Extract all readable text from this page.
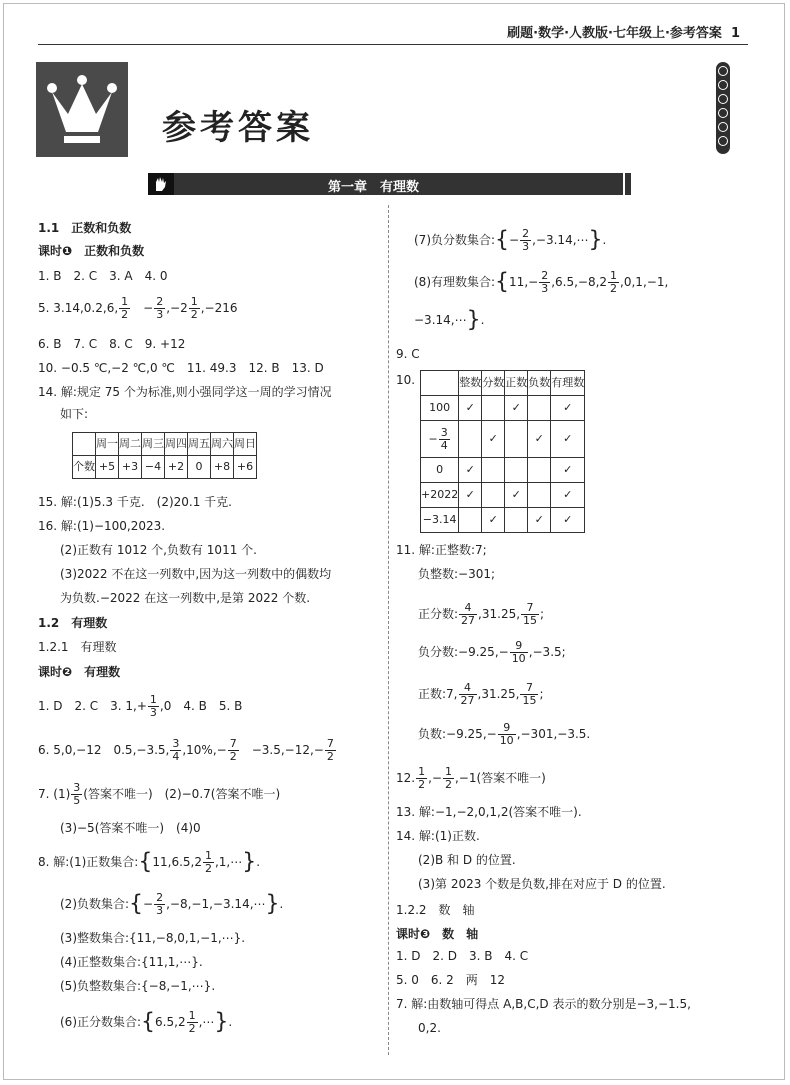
刷题·数学·人教版·七年级上·参考答案 1
参考答案
第一章　有理数
1.1　正数和负数
课时❶　正数和负数
1. B　2. C　3. A　4. 0
5. 3.14,0.2,6, $\frac{1}{2}$ 　− $\frac{2}{3} ,-2 \frac{1}{2} ,-216$
6. B　7. C　8. C　9. +12
10. −0.5 ℃,−2 ℃,0 ℃　11. 49.3　12. B　13. D
14. 解:规定 75 个为标准,则小强同学这一周的学习情况
如下:
	周一	周二	周三	周四	周五	周六	周日
个数	+5	+3	−4	+2	0	+8	+6
15. 解:(1)5.3 千克.　(2)20.1 千克.
16. 解:(1)−100,2023.
(2)正数有 1012 个,负数有 1011 个.
(3)2022 不在这一列数中,因为这一列数中的偶数均
为负数.−2022 在这一列数中,是第 2022 个数.
1.2　有理数
1.2.1　有理数
课时❷　有理数
1. D　2. C　3. $1,+ \frac{1}{3} ,0$　4. B　5. B
6. 5,0,−12　0.5,−3.5, $\frac{3}{4} ,10\%,- \frac{7}{2}$ 　$-3.5,-12,- \frac{7}{2}$
7. $(1) \frac{3}{5}$ (答案不唯一)　(2)−0.7(答案不唯一)
(3)−5(答案不唯一)　(4)0
8. 解:(1)正数集合:{11,6.5,2 $\frac{1}{2}$ ,1,⋯}.
(2)负数集合:{− $\frac{2}{3}$ ,−8,−1,−3.14,⋯}.
(3)整数集合:{11,−8,0,1,−1,⋯}.
(4)正整数集合:{11,1,⋯}.
(5)负整数集合:{−8,−1,⋯}.
(6)正分数集合:{6.5,2 $\frac{1}{2}$ ,⋯}.
(7)负分数集合:{− $\frac{2}{3}$ ,−3.14,⋯}.
(8)有理数集合:{11,− $\frac{2}{3} ,6.5,-8,2 \frac{1}{2} ,0,1,-1$,
−3.14,⋯}.
9. C
10.
		整数	分数	正数	负数	有理数
100	✓		✓		✓
− $\frac{3}{4}$		✓		✓	✓
0	✓				✓
+2022	✓		✓		✓
−3.14		✓		✓	✓
11. 解:正整数:7;
负整数:−301;
正分数: $\frac{4}{27} ,31.25$, $\frac{7}{15}$ ;
负分数:−9.25,− $\frac{9}{10} ,-3.5$;
正数:7, $\frac{4}{27} ,31.25$, $\frac{7}{15}$ ;
负数:−9.25,− $\frac{9}{10} ,-301,-3.5$.
12. $\frac{1}{2}$ ,− $\frac{1}{2} ,-1$(答案不唯一)
13. 解:−1,−2,0,1,2(答案不唯一).
14. 解:(1)正数.
(2)B 和 D 的位置.
(3)第 2023 个数是负数,排在对应于 D 的位置.
1.2.2　数　轴
课时❸　数　轴
1. D　2. D　3. B　4. C
5. 0　6. 2　两　12
7. 解:由数轴可得点 A,B,C,D 表示的数分别是−3,−1.5,
0,2.
